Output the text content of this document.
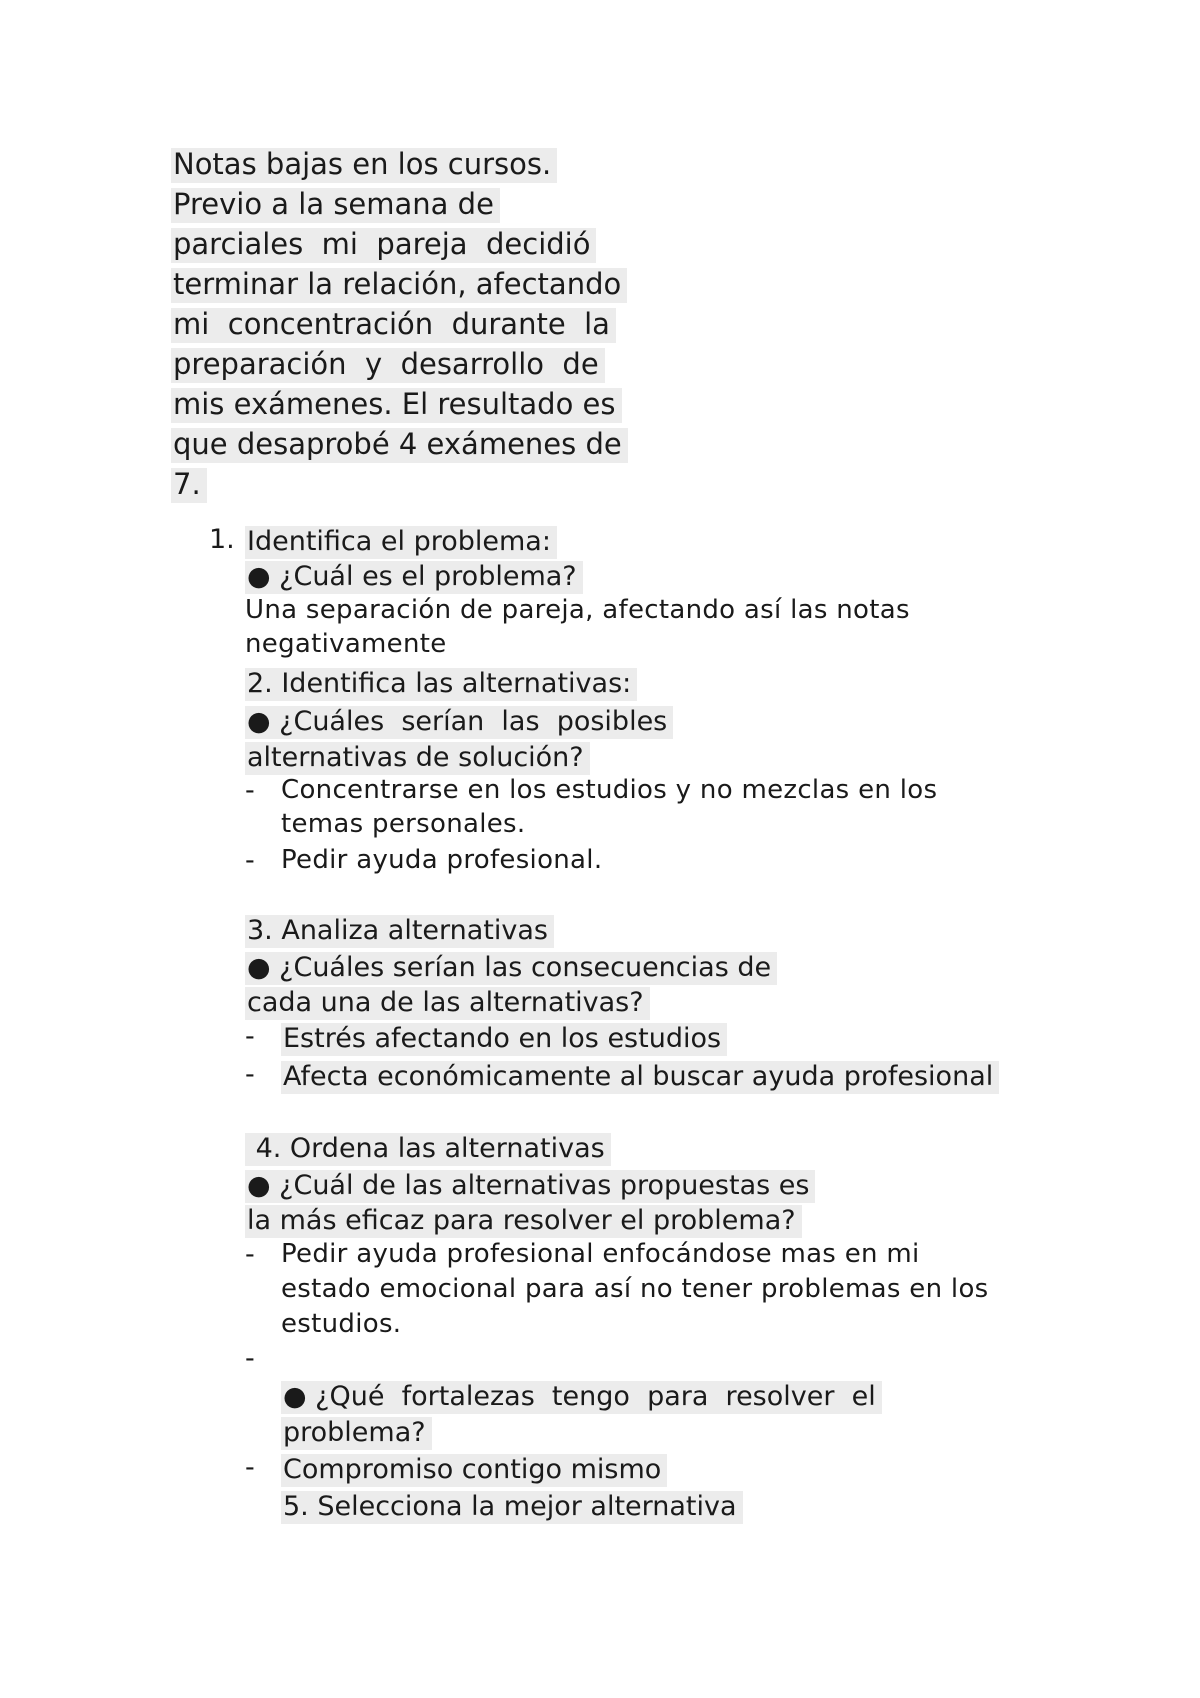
Notas bajas en los cursos.
Previo a la semana de
parciales  mi  pareja  decidió
terminar la relación, afectando
mi  concentración  durante  la
preparación  y  desarrollo  de
mis exámenes. El resultado es
que desaprobé 4 exámenes de
7.
1. Identifica el problema:
● ¿Cuál es el problema?
Una separación de pareja, afectando así las notas
negativamente
2. Identifica las alternativas:
● ¿Cuáles  serían  las  posibles
alternativas de solución?
- Concentrarse en los estudios y no mezclas en los
temas personales.
- Pedir ayuda profesional.
3. Analiza alternativas
● ¿Cuáles serían las consecuencias de
cada una de las alternativas?
- Estrés afectando en los estudios
- Afecta económicamente al buscar ayuda profesional
4. Ordena las alternativas
● ¿Cuál de las alternativas propuestas es
la más eficaz para resolver el problema?
- Pedir ayuda profesional enfocándose mas en mi
estado emocional para así no tener problemas en los
estudios.
-
● ¿Qué  fortalezas  tengo  para  resolver  el
problema?
- Compromiso contigo mismo
5. Selecciona la mejor alternativa
